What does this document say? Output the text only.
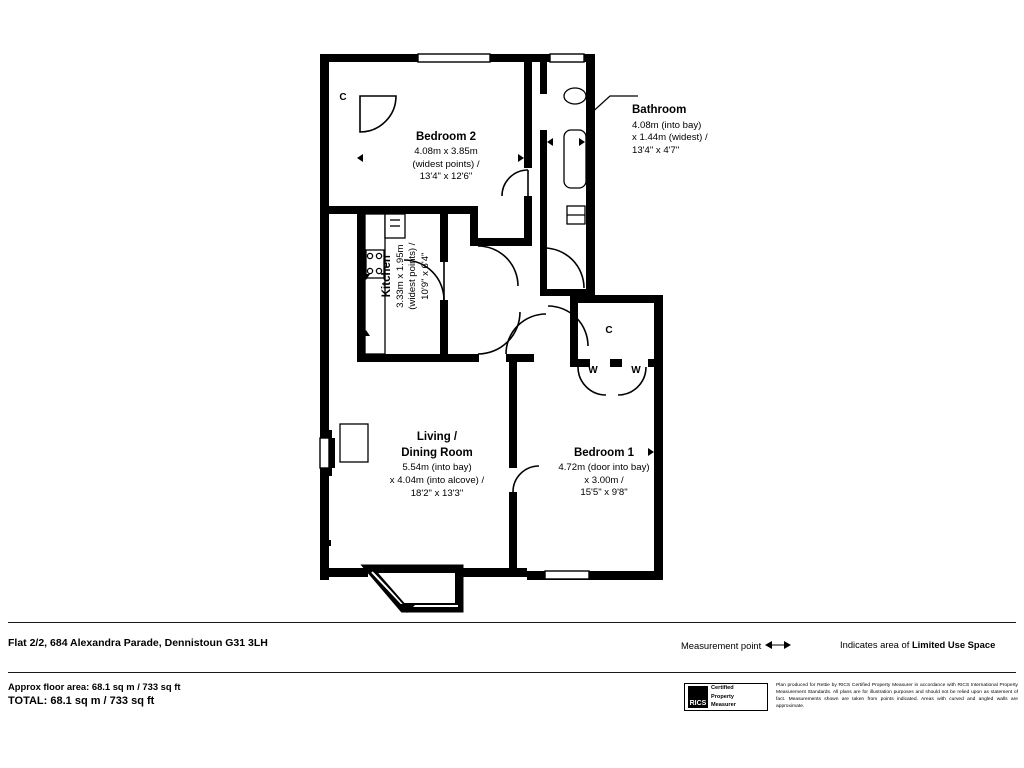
Bedroom 2
4.08m x 3.85m
(widest points) /
13'4" x 12'6"
Kitchen 3.33m x 1.95m (widest points) / 10'9" x 6'4"
Living /
Dining Room
5.54m (into bay)
x 4.04m (into alcove) /
18'2" x 13'3"
Bedroom 1
4.72m (door into bay)
x 3.00m /
15'5" x 9'8"
Bathroom
4.08m (into bay)
x 1.44m (widest) /
13'4" x 4'7"
C
C
W	W
Flat 2/2, 684 Alexandra Parade, Dennistoun G31 3LH	Measurement point	Indicates area of Limited Use Space
Approx floor area: 68.1 sq m / 733 sq ft
TOTAL: 68.1 sq m / 733 sq ft	RICS
Certified
Property
Measurer
Plan produced for Rettie by RICS Certified Property Measurer in accordance with RICS International Property Measurement Standards. All plans are for illustration purposes and should not be relied upon as statement of fact. Measurements shown are taken from points indicated. Areas with curved and angled walls are approximate.
